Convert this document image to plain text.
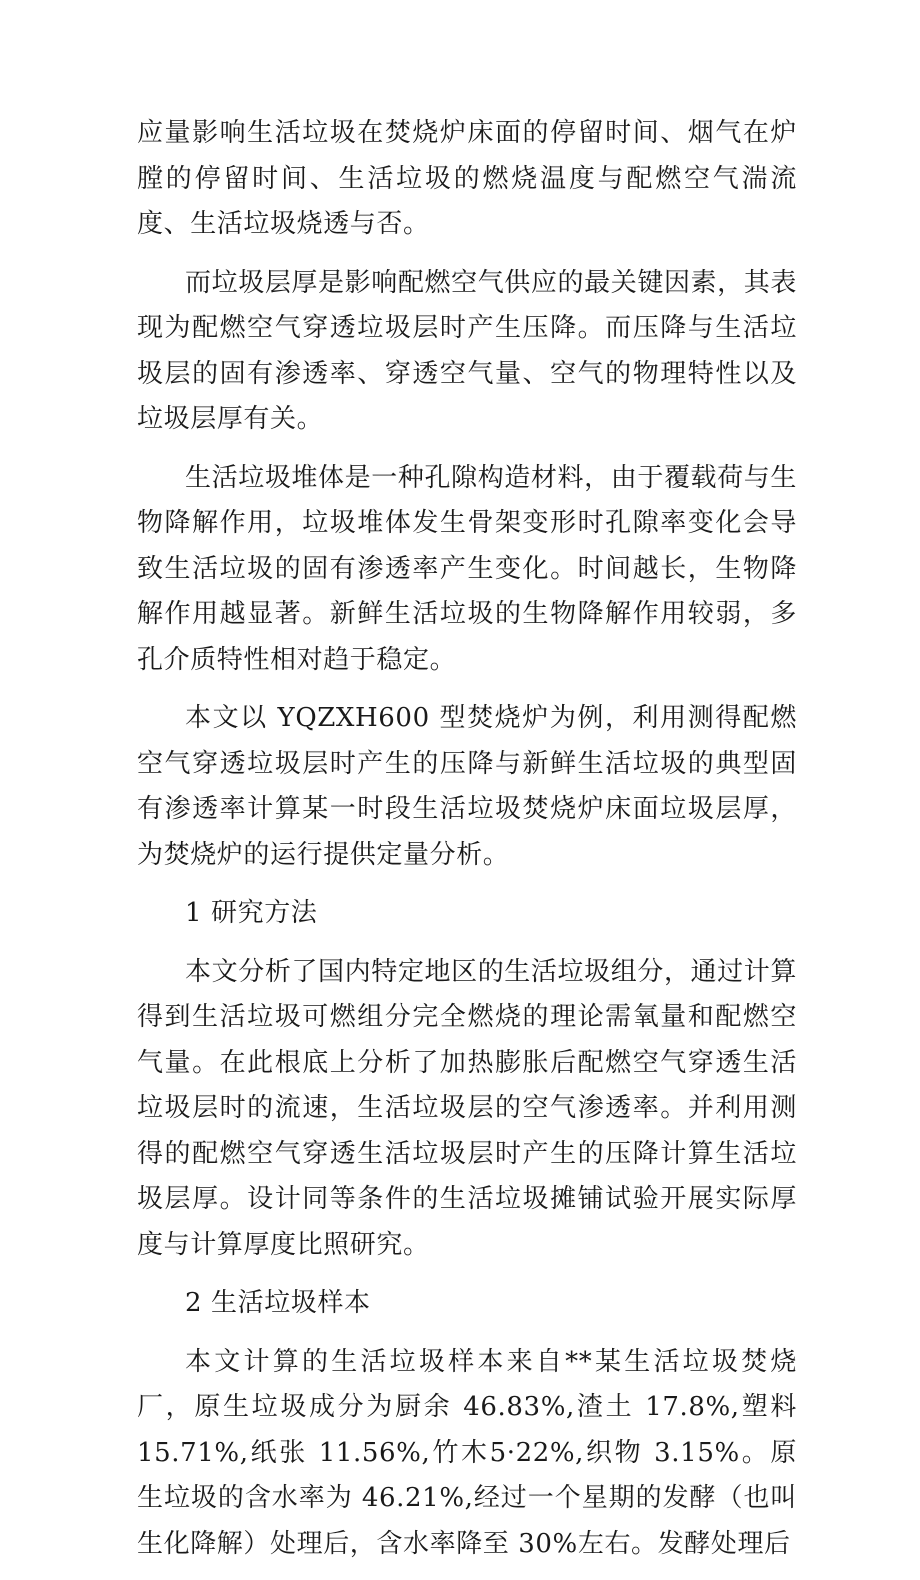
应量影响生活垃圾在焚烧炉床面的停留时间、烟气在炉膛的停留时间、生活垃圾的燃烧温度与配燃空气湍流度、生活垃圾烧透与否。

而垃圾层厚是影响配燃空气供应的最关键因素，其表现为配燃空气穿透垃圾层时产生压降。而压降与生活垃圾层的固有渗透率、穿透空气量、空气的物理特性以及垃圾层厚有关。

生活垃圾堆体是一种孔隙构造材料，由于覆载荷与生物降解作用，垃圾堆体发生骨架变形时孔隙率变化会导致生活垃圾的固有渗透率产生变化。时间越长，生物降解作用越显著。新鲜生活垃圾的生物降解作用较弱，多孔介质特性相对趋于稳定。

本文以 YQZXH600 型焚烧炉为例，利用测得配燃空气穿透垃圾层时产生的压降与新鲜生活垃圾的典型固有渗透率计算某一时段生活垃圾焚烧炉床面垃圾层厚，为焚烧炉的运行提供定量分析。

1 研究方法

本文分析了国内特定地区的生活垃圾组分，通过计算得到生活垃圾可燃组分完全燃烧的理论需氧量和配燃空气量。在此根底上分析了加热膨胀后配燃空气穿透生活垃圾层时的流速，生活垃圾层的空气渗透率。并利用测得的配燃空气穿透生活垃圾层时产生的压降计算生活垃圾层厚。设计同等条件的生活垃圾摊铺试验开展实际厚度与计算厚度比照研究。

2 生活垃圾样本

本文计算的生活垃圾样本来自**某生活垃圾焚烧厂，原生垃圾成分为厨余 46.83%,渣土 17.8%,塑料 15.71%,纸张 11.56%,竹木5·22%,织物 3.15%。原生垃圾的含水率为 46.21%,经过一个星期的发酵（也叫生化降解）处理后，含水率降至 30%左右。发酵处理后
